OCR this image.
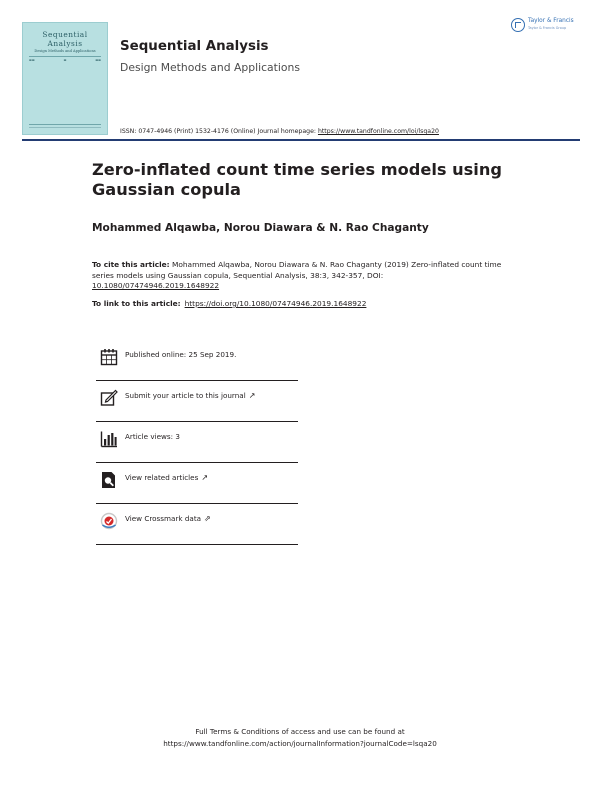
Sequential
Analysis
Design Methods and Applications
▬▬	▬	▬▬
Sequential Analysis
Design Methods and Applications
Taylor & Francis
Taylor & Francis Group
ISSN: 0747-4946 (Print) 1532-4176 (Online) Journal homepage: https://www.tandfonline.com/loi/lsqa20
Zero-inflated count time series models using Gaussian copula
Mohammed Alqawba, Norou Diawara & N. Rao Chaganty
To cite this article: Mohammed Alqawba, Norou Diawara & N. Rao Chaganty (2019) Zero-inflated count time series models using Gaussian copula, Sequential Analysis, 38:3, 342-357, DOI: 10.1080/07474946.2019.1648922
To link to this article: https://doi.org/10.1080/07474946.2019.1648922
Published online: 25 Sep 2019.
Submit your article to this journal ↗
Article views: 3
View related articles ↗
View Crossmark data ⇗
Full Terms & Conditions of access and use can be found at
https://www.tandfonline.com/action/journalInformation?journalCode=lsqa20
